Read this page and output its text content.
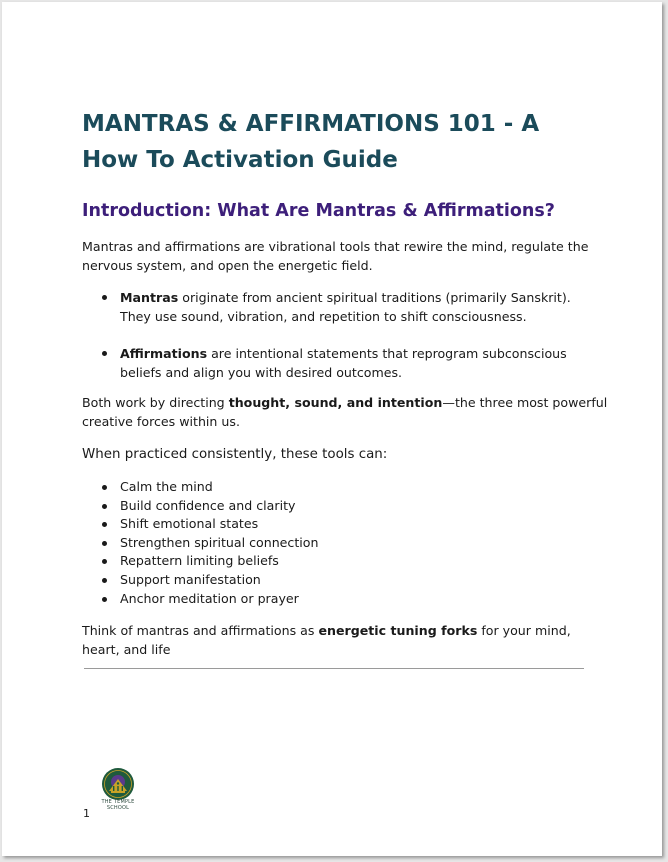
MANTRAS & AFFIRMATIONS 101 - A How To Activation Guide
Introduction: What Are Mantras & Affirmations?

Mantras and affirmations are vibrational tools that rewire the mind, regulate the nervous system, and open the energetic field.

Mantras originate from ancient spiritual traditions (primarily Sanskrit). They use sound, vibration, and repetition to shift consciousness.
Affirmations are intentional statements that reprogram subconscious beliefs and align you with desired outcomes.

Both work by directing thought, sound, and intention—the three most powerful creative forces within us.

When practiced consistently, these tools can:

Calm the mind
Build confidence and clarity
Shift emotional states
Strengthen spiritual connection
Repattern limiting beliefs
Support manifestation
Anchor meditation or prayer

Think of mantras and affirmations as energetic tuning forks for your mind, heart, and life

THE TEMPLE
SCHOOL
1
